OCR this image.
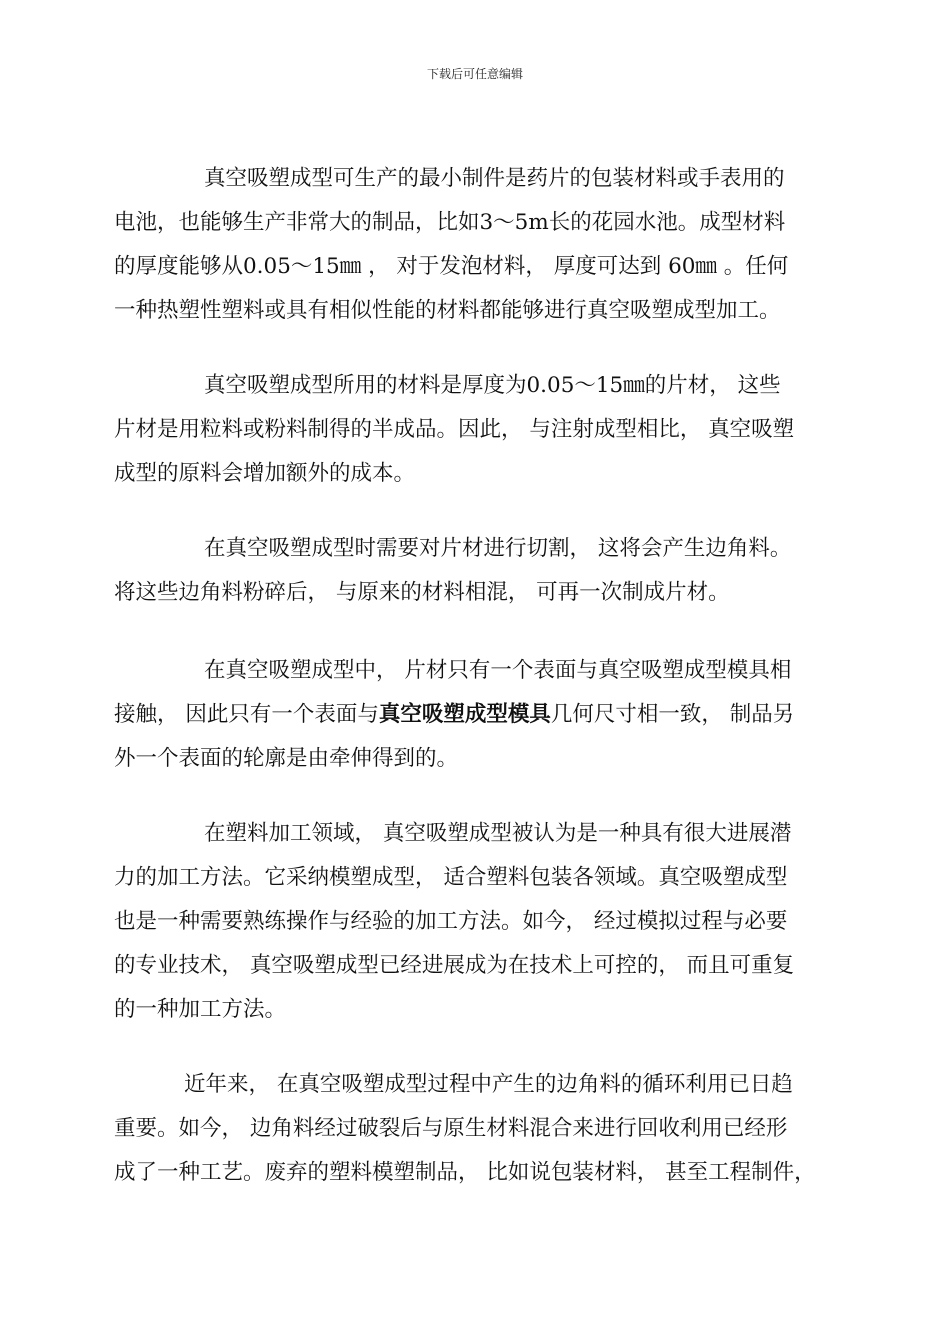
下载后可任意编辑
真空吸塑成型可生产的最小制件是药片的包装材料或手表用的
电池，也能够生产非常大的制品，比如3～5m长的花园水池。成型材料
的厚度能够从0.05～15㎜ ， 对于发泡材料， 厚度可达到 60㎜ 。任何
一种热塑性塑料或具有相似性能的材料都能够进行真空吸塑成型加工。
真空吸塑成型所用的材料是厚度为0.05～15㎜的片材， 这些
片材是用粒料或粉料制得的半成品。因此， 与注射成型相比， 真空吸塑
成型的原料会增加额外的成本。
在真空吸塑成型时需要对片材进行切割， 这将会产生边角料。
将这些边角料粉碎后， 与原来的材料相混， 可再一次制成片材。
在真空吸塑成型中， 片材只有一个表面与真空吸塑成型模具相
接触， 因此只有一个表面与真空吸塑成型模具几何尺寸相一致， 制品另
外一个表面的轮廓是由牵伸得到的。
在塑料加工领域， 真空吸塑成型被认为是一种具有很大进展潜
力的加工方法。它采纳模塑成型， 适合塑料包装各领域。真空吸塑成型
也是一种需要熟练操作与经验的加工方法。如今， 经过模拟过程与必要
的专业技术， 真空吸塑成型已经进展成为在技术上可控的， 而且可重复
的一种加工方法。
近年来， 在真空吸塑成型过程中产生的边角料的循环利用已日趋
重要。如今， 边角料经过破裂后与原生材料混合来进行回收利用已经形
成了一种工艺。废弃的塑料模塑制品， 比如说包装材料， 甚至工程制件，
